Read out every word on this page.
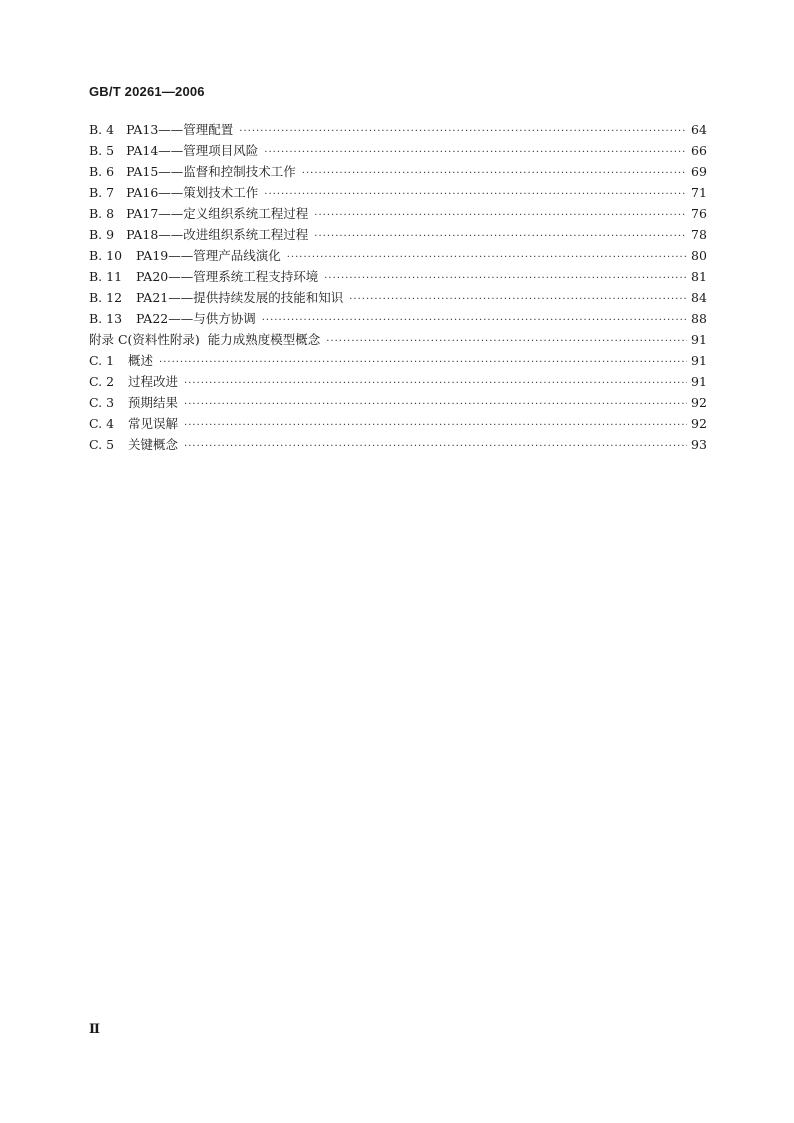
GB/T 20261—2006
B. 4 PA13——管理配置 ·····	64
B. 5 PA14——管理项目风险 ·····	66
B. 6 PA15——监督和控制技术工作 ·····	69
B. 7 PA16——策划技术工作 ·····	71
B. 8 PA17——定义组织系统工程过程 ·····	76
B. 9 PA18——改进组织系统工程过程 ·····	78
B. 10	PA19——管理产品线演化 ·····	80
B. 11	PA20——管理系统工程支持环境 ·····	81
B. 12	PA21——提供持续发展的技能和知识 ·····	84
B. 13	PA22——与供方协调 ·····	88
附录 C(资料性附录)  能力成熟度模型概念 ·····	91
C. 1	概述 ·····	91
C. 2	过程改进 ·····	91
C. 3	预期结果 ·····	92
C. 4	常见误解 ·····	92
C. 5	关键概念 ·····	93
Ⅱ
